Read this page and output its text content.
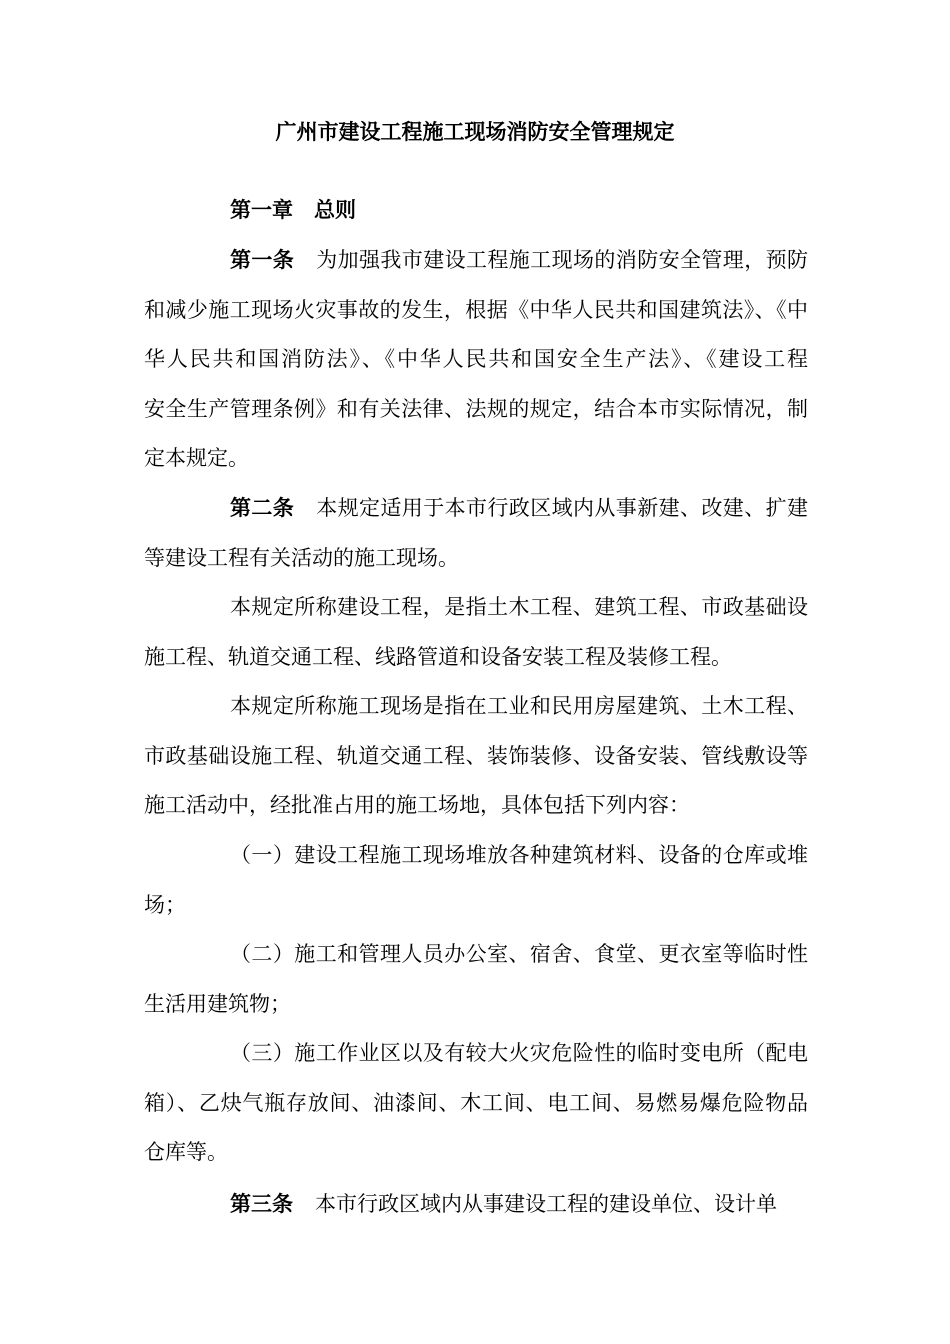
广州市建设工程施工现场消防安全管理规定
第一章　总则
第一条 为加强我市建设工程施工现场的消防安全管理，预防
和减少施工现场火灾事故的发生，根据《中华人民共和国建筑法》、《中
华人民共和国消防法》、《中华人民共和国安全生产法》、《建设工程
安全生产管理条例》和有关法律、法规的规定，结合本市实际情况，制
定本规定。
第二条 本规定适用于本市行政区域内从事新建、改建、扩建
等建设工程有关活动的施工现场。
本规定所称建设工程，是指土木工程、建筑工程、市政基础设
施工程、轨道交通工程、线路管道和设备安装工程及装修工程。
本规定所称施工现场是指在工业和民用房屋建筑、土木工程、
市政基础设施工程、轨道交通工程、装饰装修、设备安装、管线敷设等
施工活动中，经批准占用的施工场地，具体包括下列内容：
（一）建设工程施工现场堆放各种建筑材料、设备的仓库或堆
场；
（二）施工和管理人员办公室、宿舍、食堂、更衣室等临时性
生活用建筑物；
（三）施工作业区以及有较大火灾危险性的临时变电所（配电
箱）、乙炔气瓶存放间、油漆间、木工间、电工间、易燃易爆危险物品
仓库等。
第三条 本市行政区域内从事建设工程的建设单位、设计单
